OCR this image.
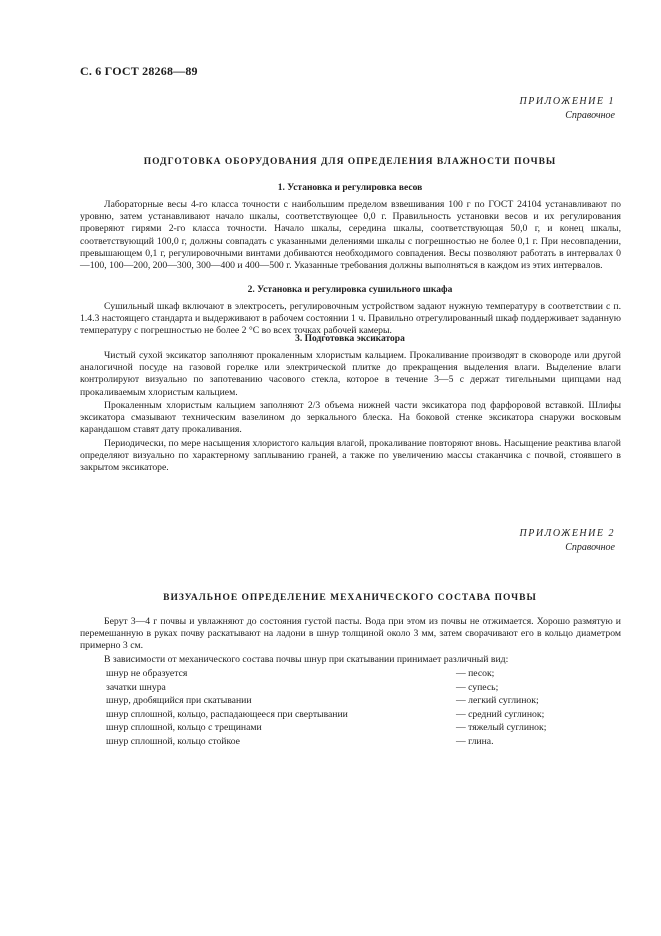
С. 6 ГОСТ 28268—89
ПРИЛОЖЕНИЕ 1
Справочное
ПОДГОТОВКА ОБОРУДОВАНИЯ ДЛЯ ОПРЕДЕЛЕНИЯ ВЛАЖНОСТИ ПОЧВЫ
1. Установка и регулировка весов

Лабораторные весы 4-го класса точности с наибольшим пределом взвешивания 100 г по ГОСТ 24104 устанавливают по уровню, затем устанавливают начало шкалы, соответствующее 0,0 г. Правильность установки весов и их регулирования проверяют гирями 2-го класса точности. Начало шкалы, середина шкалы, соответствующая 50,0 г, и конец шкалы, соответствующий 100,0 г, должны совпадать с указанными делениями шкалы с погрешностью не более 0,1 г. При несовпадении, превышающем 0,1 г, регулировочными винтами добиваются необходимого совпадения. Весы позволяют работать в интервалах 0—100, 100—200, 200—300, 300—400 и 400—500 г. Указанные требования должны выполняться в каждом из этих интервалов.

2. Установка и регулировка сушильного шкафа

Сушильный шкаф включают в электросеть, регулировочным устройством задают нужную температуру в соответствии с п. 1.4.3 настоящего стандарта и выдерживают в рабочем состоянии 1 ч. Правильно отрегулированный шкаф поддерживает заданную температуру с погрешностью не более 2 °С во всех точках рабочей камеры.

3. Подготовка эксикатора

Чистый сухой эксикатор заполняют прокаленным хлористым кальцием. Прокаливание производят в сковороде или другой аналогичной посуде на газовой горелке или электрической плитке до прекращения выделения влаги. Выделение влаги контролируют визуально по запотеванию часового стекла, которое в течение 3—5 с держат тигельными щипцами над прокаливаемым хлористым кальцием.

Прокаленным хлористым кальцием заполняют 2/3 объема нижней части эксикатора под фарфоровой вставкой. Шлифы эксикатора смазывают техническим вазелином до зеркального блеска. На боковой стенке эксикатора снаружи восковым карандашом ставят дату прокаливания.

Периодически, по мере насыщения хлористого кальция влагой, прокаливание повторяют вновь. Насыщение реактива влагой определяют визуально по характерному заплыванию граней, а также по увеличению массы стаканчика с почвой, стоявшего в закрытом эксикаторе.

ПРИЛОЖЕНИЕ 2
Справочное
ВИЗУАЛЬНОЕ ОПРЕДЕЛЕНИЕ МЕХАНИЧЕСКОГО СОСТАВА ПОЧВЫ

Берут 3—4 г почвы и увлажняют до состояния густой пасты. Вода при этом из почвы не отжимается. Хорошо размятую и перемешанную в руках почву раскатывают на ладони в шнур толщиной около 3 мм, затем сворачивают его в кольцо диаметром примерно 3 см.

В зависимости от механического состава почвы шнур при скатывании принимает различный вид:

шнур не образуется	— песок;
зачатки шнура	— супесь;
шнур, дробящийся при скатывании	— легкий суглинок;
шнур сплошной, кольцо, распадающееся при свертывании	— средний суглинок;
шнур сплошной, кольцо с трещинами	— тяжелый суглинок;
шнур сплошной, кольцо стойкое	— глина.
